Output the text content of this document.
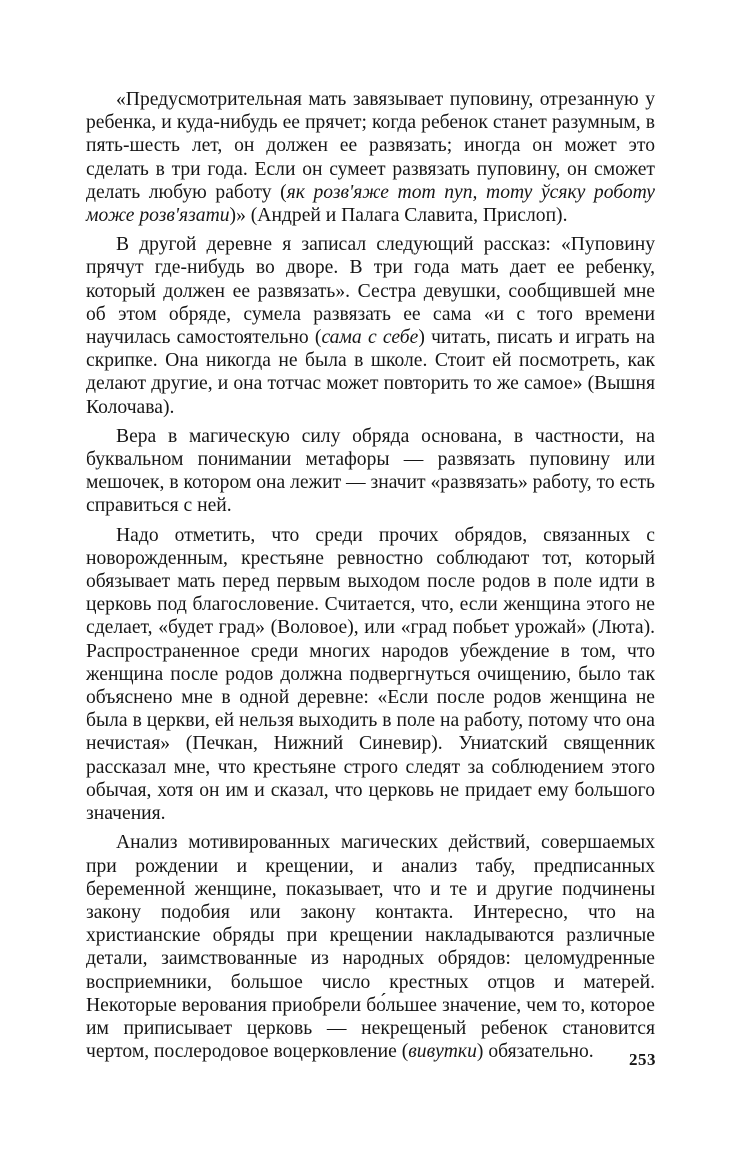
«Предусмотрительная мать завязывает пуповину, отрезанную у ребенка, и куда-нибудь ее прячет; когда ребенок станет разумным, в пять-шесть лет, он должен ее развязать; иногда он может это сделать в три года. Если он сумеет развязать пуповину, он сможет делать любую работу (як розв'яже тот пуп, тоту ўсяку роботу може розв'язати)» (Андрей и Палага Славита, Прислоп).

В другой деревне я записал следующий рассказ: «Пуповину прячут где-нибудь во дворе. В три года мать дает ее ребенку, который должен ее развязать». Сестра девушки, сообщившей мне об этом обряде, сумела развязать ее сама «и с того времени научилась самостоятельно (сама с себе) читать, писать и играть на скрипке. Она никогда не была в школе. Стоит ей посмотреть, как делают другие, и она тотчас может повторить то же самое» (Вышня Колочава).

Вера в магическую силу обряда основана, в частности, на буквальном понимании метафоры — развязать пуповину или мешочек, в котором она лежит — значит «развязать» работу, то есть справиться с ней.

Надо отметить, что среди прочих обрядов, связанных с новорожденным, крестьяне ревностно соблюдают тот, который обязывает мать перед первым выходом после родов в поле идти в церковь под благословение. Считается, что, если женщина этого не сделает, «будет град» (Воловое), или «град побьет урожай» (Люта). Распространенное среди многих народов убеждение в том, что женщина после родов должна подвергнуться очищению, было так объяснено мне в одной деревне: «Если после родов женщина не была в церкви, ей нельзя выходить в поле на работу, потому что она нечистая» (Печкан, Нижний Синевир). Униатский священник рассказал мне, что крестьяне строго следят за соблюдением этого обычая, хотя он им и сказал, что церковь не придает ему большого значения.

Анализ мотивированных магических действий, совершаемых при рождении и крещении, и анализ табу, предписанных беременной женщине, показывает, что и те и другие подчинены закону подобия или закону контакта. Интересно, что на христианские обряды при крещении накладываются различные детали, заимствованные из народных обрядов: целомудренные восприемники, большое число крестных отцов и матерей. Некоторые верования приобрели бо́льшее значение, чем то, которое им приписывает церковь — некрещеный ребенок становится чертом, послеродовое воцерковление (вивутки) обязательно.	253
